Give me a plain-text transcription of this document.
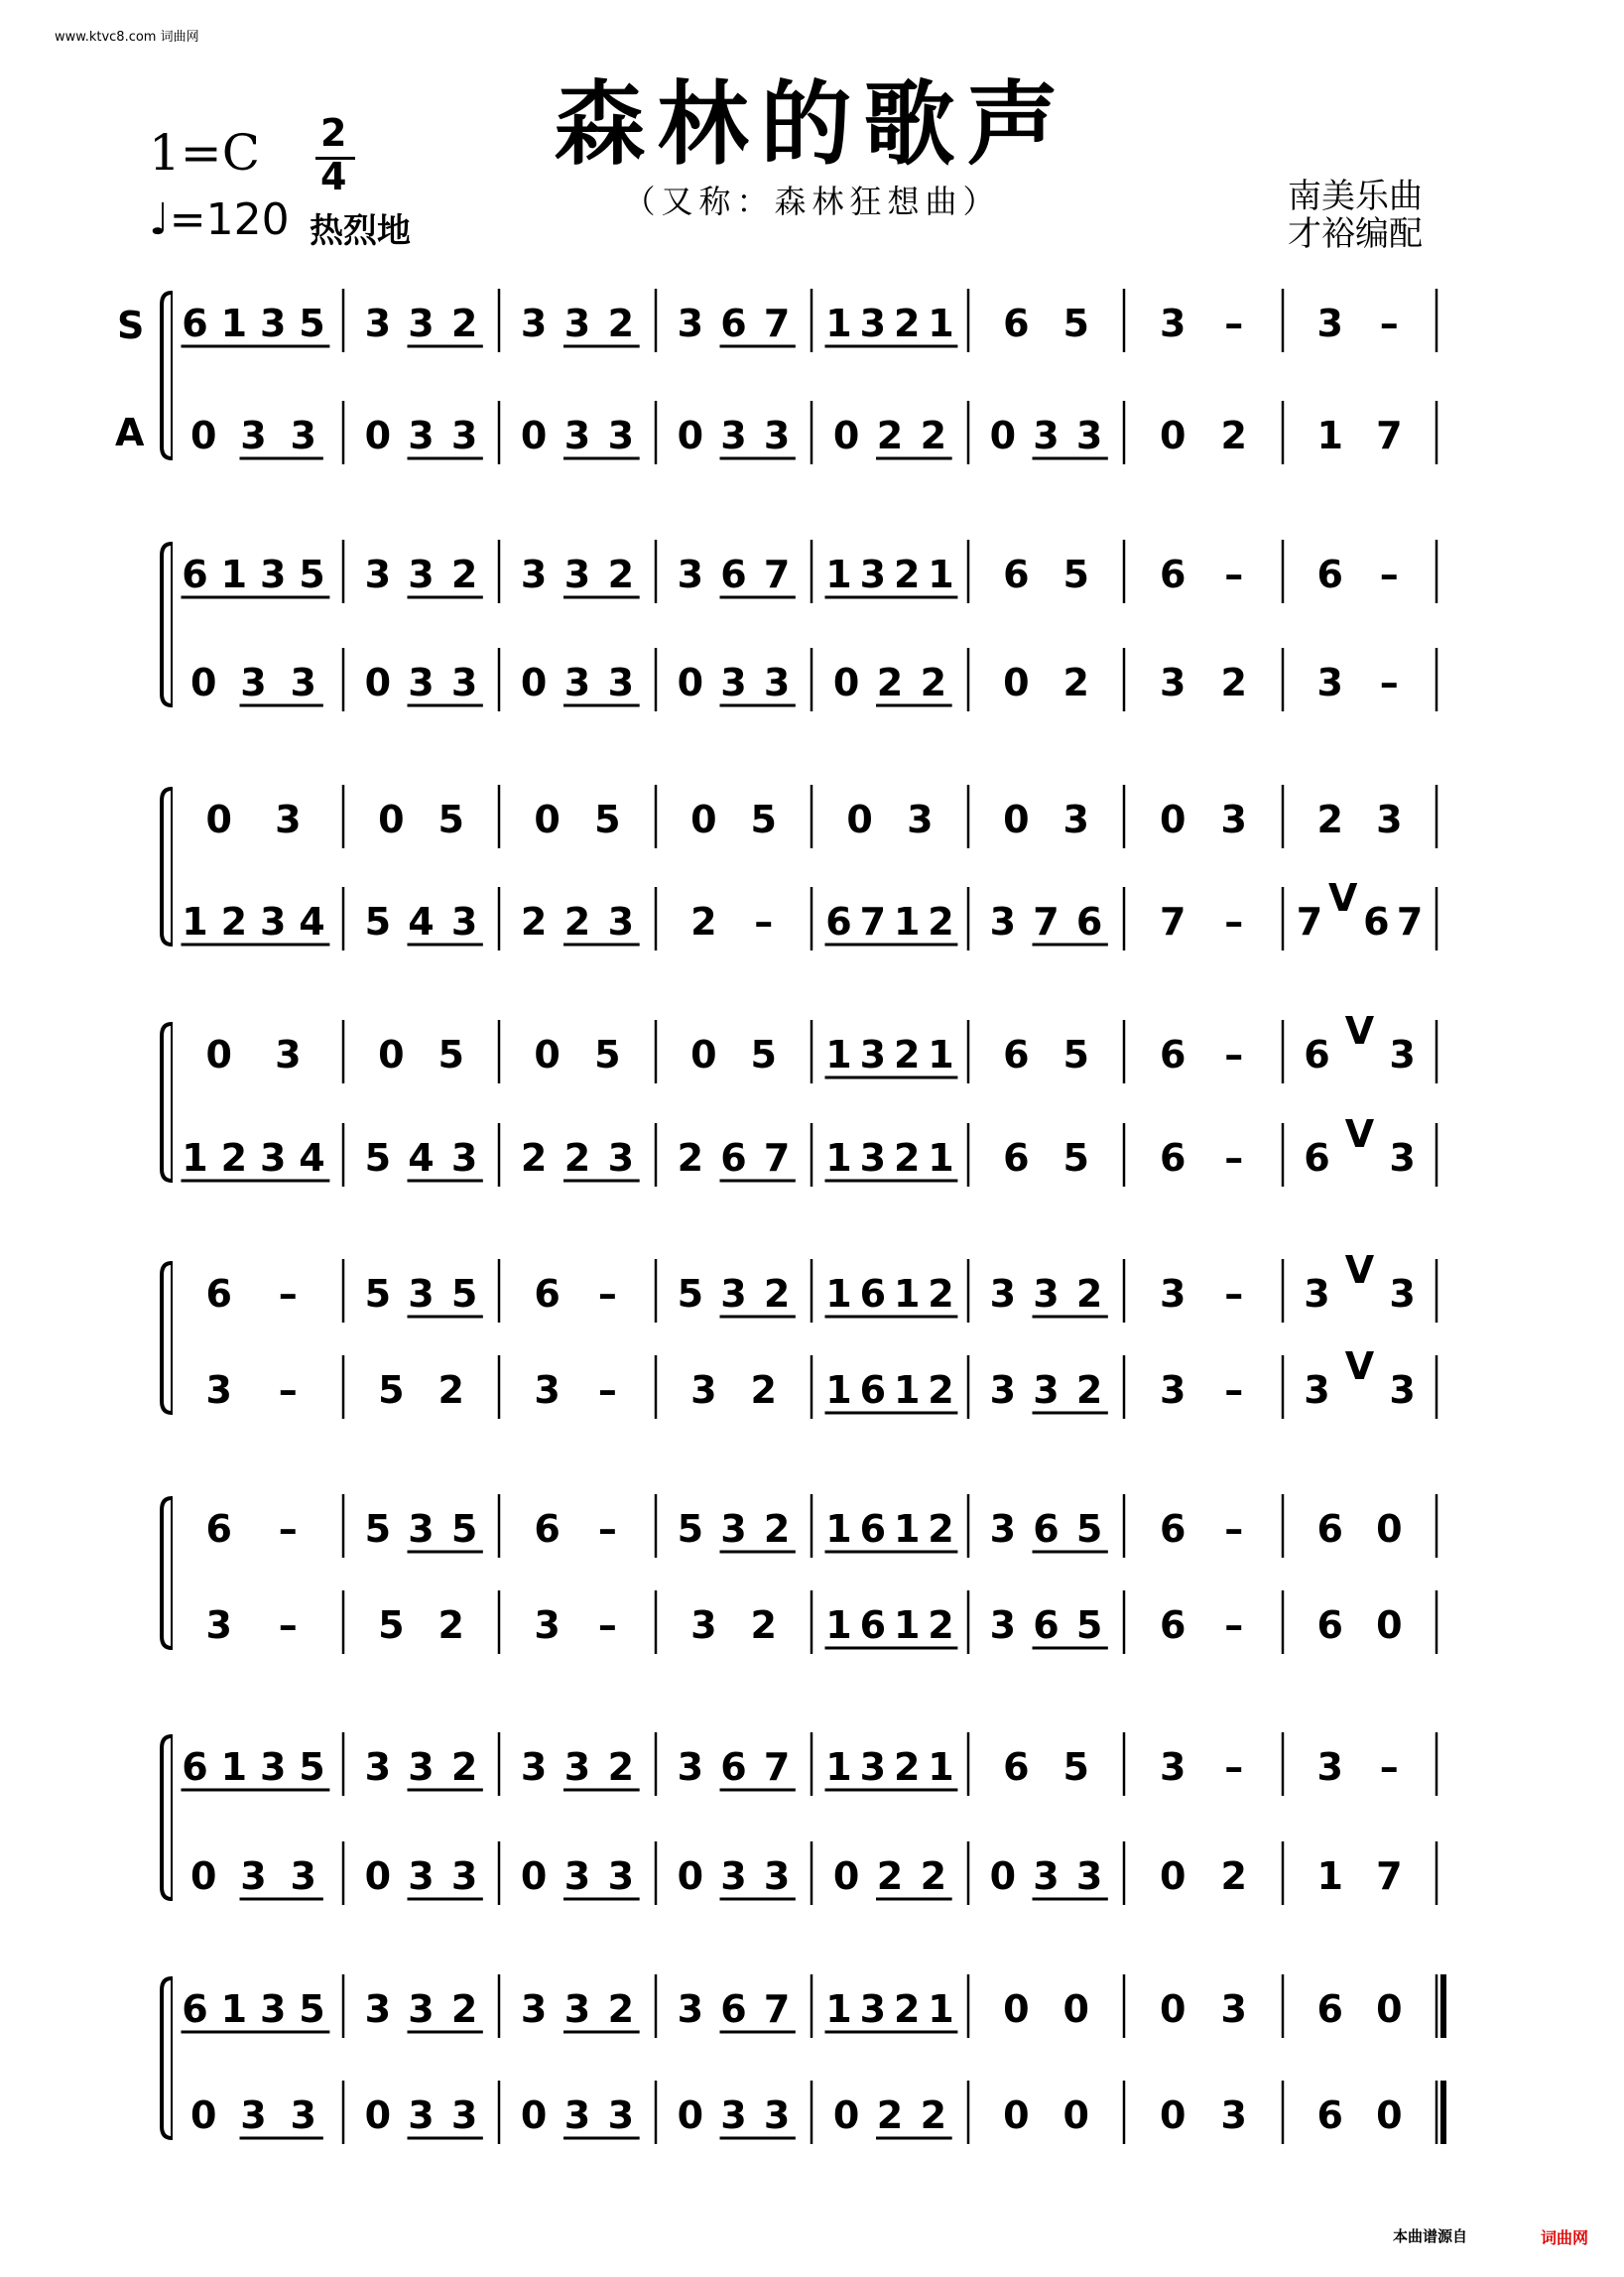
www.ktvc8.com 词曲网
森林的歌声
（又称：森林狂想曲）
1=C 2
4
♩=120 热烈地
南美乐曲
才裕编配
S
A
6 1 3 5 3 3 2 3 3 2 3 6 7 1 3 2 1 6 5 3 – 3 –
0 3 3 0 3 3 0 3 3 0 3 3 0 2 2 0 3 3 0 2 1 7
6 1 3 5 3 3 2 3 3 2 3 6 7 1 3 2 1 6 5 6 – 6 –
0 3 3 0 3 3 0 3 3 0 3 3 0 2 2 0 2 3 2 3 –
0 3 0 5 0 5 0 5 0 3 0 3 0 3 2 3
1 2 3 4 5 4 3 2 2 3 2 – 6 7 1 2 3 7 6 7 – 7
V
6 7
0 3 0 5 0 5 0 5 1 3 2 1 6 5 6 – 6
V
3
1 2 3 4 5 4 3 2 2 3 2 6 7 1 3 2 1 6 5 6 – 6
V
3
6 – 5 3 5 6 – 5 3 2 1 6 1 2 3 3 2 3 – 3
V
3
3 – 5 2 3 – 3 2 1 6 1 2 3 3 2 3 – 3
V
3
6 – 5 3 5 6 – 5 3 2 1 6 1 2 3 6 5 6 – 6 0
3 – 5 2 3 – 3 2 1 6 1 2 3 6 5 6 – 6 0
6 1 3 5 3 3 2 3 3 2 3 6 7 1 3 2 1 6 5 3 – 3 –
0 3 3 0 3 3 0 3 3 0 3 3 0 2 2 0 3 3 0 2 1 7
6 1 3 5 3 3 2 3 3 2 3 6 7 1 3 2 1 0 0 0 3 6 0
0 3 3 0 3 3 0 3 3 0 3 3 0 2 2 0 0 0 3 6 0
本曲谱源自	词曲网
